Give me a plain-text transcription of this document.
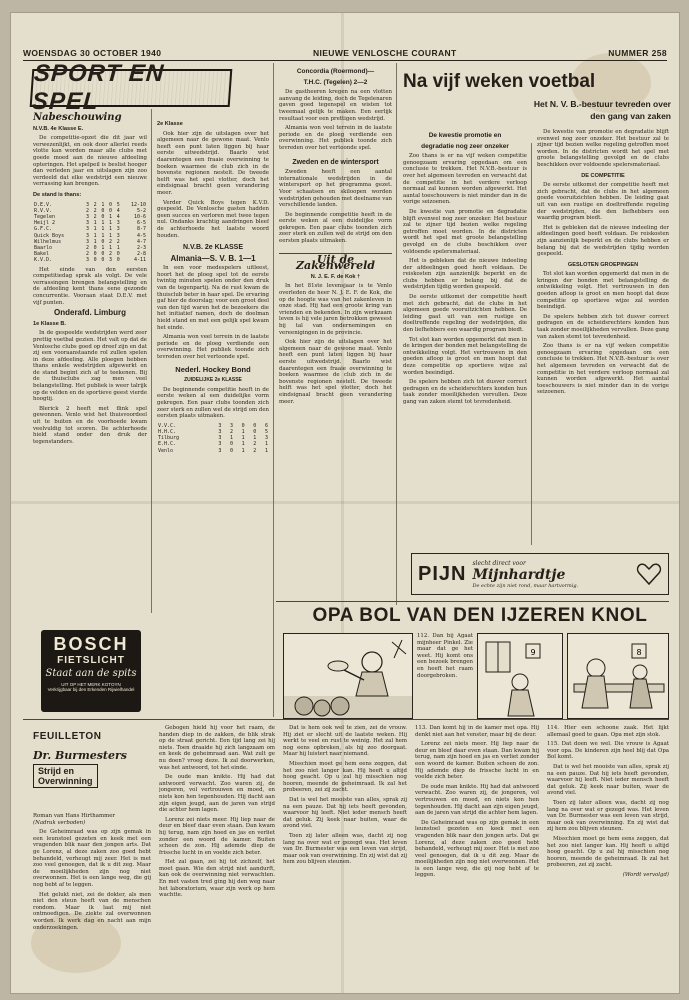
WOENSDAG 30 OCTOBER 1940	NIEUWE VENLOSCHE COURANT	NUMMER 258
SPORT EN SPEL
Nabeschouwing
N.V.B. 4e Klasse E.

De competitie-opzet die dit jaar wil verwezenlijkt, en ook door allerlei reeds vlotte kan worden maar alle clubs met goede moed aan de nieuwe afdeeling opteringen. Het spelpeil is beslist hooger dan verleden jaar en uitslagen zijn zoo verdeeld dat elke wedstrijd een nieuwe verrassing kan brengen.

De stand is thans:
D.E.V.	3	2	1	0	5	12-10
R.V.V.	2	2	0	0	4	5-2
Tegelen	3	2	0	1	4	10-6
Heijl 2	3	1	1	1	3	6-5
G.F.C.	3	1	1	1	3	8-7
Quick Boys	3	1	1	1	3	4-5
Wilhelmus	3	1	0	2	2	4-7
Baarlo	2	0	1	1	1	2-3
Bakel	2	0	0	2	0	2-8
K.V.D.	3	0	0	3	0	4-11

Het einde van den eersten competitiedag sprak als volgt. De vele verrassingen brengen belangstelling en de afdeeling kent thans eene gezonde concurrentie. Vooraan staat D.E.V. met vijf punten.

Onderafd. Limburg
1e Klasse B.

In de gespeelde wedstrijden werd zeer prettig voetbal gezien. Het valt op dat de Venlosche clubs goed op dreef zijn en dat zij een vooraanstaande rol zullen spelen in deze afdeeling. Alle ploegen hebben thans enkele wedstrijden afgewerkt en de stand begint zich af te teekenen. Bij de thuisclubs zag men veel belangstelling. Het publiek is weer talrijk op de velden en de sportieve geest vierde hoogtij.

Blerick 2 heeft met flink spel gewonnen. Venlo wist het thuisvoordeel uit te buiten en de voorhoede kwam veelvuldig tot scoren. De achterhoede hield stand onder den druk der tegenstanders.

BOSCH
FIETSLICHT
Staat aan de spits
UIT OP HET MERK KOTOYN
Verkrijgbaar bij den Erkenden Rijwielhandel
2e Klasse

Ook hier zijn de uitslagen over het algemeen naar de gewone maat. Venlo heeft een punt laten liggen bij haar eerste uitwedstrijd. Baarlo wist daarentegen een fraaie overwinning te boeken waarmee de club zich in de bovenste regionen nestelt. De tweede helft was het spel vlotter, doch het eindsignaal bracht geen verandering meer.

Verder Quick Boys tegen K.V.D. gespeeld. De Venlosche gasten hadden geen succes en verloren met twee tegen nul. Ondanks krachtig aandringen bleef de achterhoede het laatste woord houden.

N.V.B. 2e KLASSE
Almania—S. V. B. 1—1

In een voor medespelers uitleest, hoort het de ploeg spel tot de eerste twintig minuten spelen onder den druk van de tegenpartij. Na de rust kwam de thuisclub beter in haar spel. De ervaring gaf hier de doorslag; voor een groot deel van den tijd waren het de bezoekers die het initiatief namen, doch de doelman hield stand en met een gelijk spel kwam het einde.

Almania won veel terrein in de laatste periode en de ploeg verdiende een overwinning. Het publiek toonde zich tevreden over het vertoonde spel.

Nederl. Hockey Bond
ZUIDELIJKE 2e KLASSE

De beginnende competitie heeft in de eerste weken al een duidelijke vorm gekregen. Een paar clubs toonden zich zeer sterk en zullen wel de strijd om den eersten plaats uitmaken.

V.V.C.	3	3	0	0	6
H.H.C.	3	2	1	0	5
Tilburg	3	1	1	1	3
E.H.C.	3	0	1	2	1
Venlo	3	0	1	2	1
Concordia (Roermond)—
T.H.C. (Tegelen) 2—2

De gastheeren kregen na een vlotten aanvang de leiding, doch de Tegelenaren gaven goed tegenspel en wisten tot tweemaal gelijk te maken. Een eerlijk resultaat voor een prettigen wedstrijd.

Almania won veel terrein in de laatste periode en de ploeg verdiende een overwinning. Het publiek toonde zich tevreden over het vertoonde spel.

Zweden en de wintersport

Zweden heeft een aantal internationale wedstrijden in de wintersport op het programma gezet. Voor schaatsen en skiloopen worden wedstrijden gehouden met deelname van verschillende landen.

De beginnende competitie heeft in de eerste weken al een duidelijke vorm gekregen. Een paar clubs toonden zich zeer sterk en zullen wel de strijd om den eersten plaats uitmaken.

Uit de Zakenwereld
N. J. E. F. de Kok †

In het 81ste levensjaar is te Venlo overleden de heer N. J. E. F. de Kok, die op de hoogte was van het zakenleven in onze stad. Hij had een groote kring van vrienden en bekenden. In zijn werkzaam leven is hij vele jaren betrokken geweest bij tal van ondernemingen en vereenigingen in de provincie.

Ook hier zijn de uitslagen over het algemeen naar de gewone maat. Venlo heeft een punt laten liggen bij haar eerste uitwedstrijd. Baarlo wist daarentegen een fraaie overwinning te boeken waarmee de club zich in de bovenste regionen nestelt. De tweede helft was het spel vlotter, doch het eindsignaal bracht geen verandering meer.

Na vijf weken voetbal
Het N. V. B.-bestuur tevreden over
den gang van zaken
De kwestie promotie en
degradatie nog zeer onzeker

Zoo thans is er na vijf weken competitie genoegzaam ervaring opgedaan om een conclusie te trekken. Het N.V.B.-bestuur is over het algemeen tevreden en verwacht dat de competitie in het verdere verloop normaal zal kunnen worden afgewerkt. Het aantal toeschouwers is niet minder dan in de vorige seizoenen.

De kwestie van promotie en degradatie blijft evenwel nog zeer onzeker. Het bestuur zal te zijner tijd bezien welke regeling getroffen moet worden. In de districten wordt het spel met groote belangstelling gevolgd en de clubs beschikken over voldoende spelersmateriaal.

Het is gebleken dat de nieuwe indeeling der afdeelingen goed heeft voldaan. De reiskosten zijn aanzienlijk beperkt en de clubs hebben er belang bij dat de wedstrijden tijdig worden gespeeld.

De eerste uitkomst der competitie heeft met zich gebracht, dat de clubs in het algemeen goede vooruitzichten hebben. De leiding gaat uit van een rustige en doeltreffende regeling der wedstrijden, die den liefhebbers een waardig program biedt.

Tot slot kan worden opgemerkt dat men in de kringen der bonden met belangstelling de ontwikkeling volgt. Het vertrouwen in den goeden afloop is groot en men hoopt dat deze competitie op sportieve wijze zal worden beeindigd.

De spelers hebben zich tot dusver correct gedragen en de scheidsrechters konden hun taak zonder moeilijkheden vervullen. Deze gang van zaken stemt tot tevredenheid.

De kwestie van promotie en degradatie blijft evenwel nog zeer onzeker. Het bestuur zal te zijner tijd bezien welke regeling getroffen moet worden. In de districten wordt het spel met groote belangstelling gevolgd en de clubs beschikken over voldoende spelersmateriaal.

DE COMPETITIE

De eerste uitkomst der competitie heeft met zich gebracht, dat de clubs in het algemeen goede vooruitzichten hebben. De leiding gaat uit van een rustige en doeltreffende regeling der wedstrijden, die den liefhebbers een waardig program biedt.

Het is gebleken dat de nieuwe indeeling der afdeelingen goed heeft voldaan. De reiskosten zijn aanzienlijk beperkt en de clubs hebben er belang bij dat de wedstrijden tijdig worden gespeeld.

GESLOTEN GROEPINGEN

Tot slot kan worden opgemerkt dat men in de kringen der bonden met belangstelling de ontwikkeling volgt. Het vertrouwen in den goeden afloop is groot en men hoopt dat deze competitie op sportieve wijze zal worden beeindigd.

De spelers hebben zich tot dusver correct gedragen en de scheidsrechters konden hun taak zonder moeilijkheden vervullen. Deze gang van zaken stemt tot tevredenheid.

Zoo thans is er na vijf weken competitie genoegzaam ervaring opgedaan om een conclusie te trekken. Het N.V.B.-bestuur is over het algemeen tevreden en verwacht dat de competitie in het verdere verloop normaal zal kunnen worden afgewerkt. Het aantal toeschouwers is niet minder dan in de vorige seizoenen.

PIJN slecht direct voor
Mijnhardtje
De echte zijn niet rond, maar hartvormig.
OPA BOL VAN DEN IJZEREN KNOL
112. Dan bij Agaat mijnheer Pinkel. Zie maar dat ge het weet. Hij komt ons een bezoek brengen en heeft het raam doorgebroken.
9	8
FEUILLETON
Dr. Burmesters
Strijd en
Overwinning
Roman van Hans Hirthammer
(Nadruk verboden)

De Geheimraad was op zijn gemak in een leunstoel gezeten en keek met een vragenden blik naar den jongen arts. Dat ge Lorenz, al deze zaken zoo goed hebt behandeld, verheugt mij zeer. Het is met zoo veel genoegen, dat ik u dit zeg. Maar de moeilijkheden zijn nog niet overwonnen. Het is een lange weg, die gij nog hebt af te leggen.

Het gelukt niet, zei de dokter, als men niet den steun heeft van de menschen rondom. Maar ik laat mij niet ontmoedigen. De ziekte zal overwonnen worden. Ik werk dag en nacht aan mijn onderzoekingen.

Gebogen hield hij voor het raam, de handen diep in de zakken, de blik strak op de straat gericht. Een tijd lang zei hij niets. Toen draaide hij zich langzaam om en keek de geheimraad aan. Wat zult ge nu doen? vroeg deze. Ik zal doorwerken, was het antwoord, tot het einde.

De oude man knikte. Hij had dat antwoord verwacht. Zoo waren zij, de jongeren, vol vertrouwen en moed, en niets kon hen tegenhouden. Hij dacht aan zijn eigen jeugd, aan de jaren van strijd die achter hem lagen.

Lorenz zei niets meer. Hij liep naar de deur en bleef daar even staan. Dan kwam hij terug, nam zijn hoed en jas en verliet zonder een woord de kamer. Buiten scheen de zon. Hij ademde diep de frissche lucht in en voelde zich beter.

Het zal gaan, zei hij tot zichzelf, het moet gaan. Wie den strijd niet aandurft, kan ook de overwinning niet verwachten. En met vasten tred ging hij den weg naar het laboratorium, waar zijn werk op hem wachtte.

Dat is hem ook wel te zien, zei de vrouw. Hij ziet er slecht uit de laatste weken. Hij werkt te veel en rust te weinig. Het zal hem nog eens opbreken, als hij zoo doorgaat. Maar hij luistert naar niemand.

Misschien moet ge hem eens zeggen, dat het zoo niet langer kan. Hij heeft u altijd hoog geacht. Op u zal hij misschien nog hooren, meende de geheimraad. Ik zal het probeeren, zei zij zacht.

Dat is wel het mooiste van alles, sprak zij na een pauze. Dat hij iets heeft gevonden, waarvoor hij leeft. Niet ieder mensch heeft dat geluk. Zij keek naar buiten, waar de avond viel.

Toen zij later alleen was, dacht zij nog lang na over wat er gezegd was. Het leven van Dr. Burmester was een leven van strijd, maar ook van overwinning. En zij wist dat zij hem zou blijven steunen.

113. Dan komt hij in de kamer met opa. Hij denkt niet aan het venster, maar bij de deur.

Lorenz zei niets meer. Hij liep naar de deur en bleef daar even staan. Dan kwam hij terug, nam zijn hoed en jas en verliet zonder een woord de kamer. Buiten scheen de zon. Hij ademde diep de frissche lucht in en voelde zich beter.

De oude man knikte. Hij had dat antwoord verwacht. Zoo waren zij, de jongeren, vol vertrouwen en moed, en niets kon hen tegenhouden. Hij dacht aan zijn eigen jeugd, aan de jaren van strijd die achter hem lagen.

De Geheimraad was op zijn gemak in een leunstoel gezeten en keek met een vragenden blik naar den jongen arts. Dat ge Lorenz, al deze zaken zoo goed hebt behandeld, verheugt mij zeer. Het is met zoo veel genoegen, dat ik u dit zeg. Maar de moeilijkheden zijn nog niet overwonnen. Het is een lange weg, die gij nog hebt af te leggen.

114. Hier een schoone zaak. Het lijkt allemaal goed te gaan. Opa met zijn stok.
115. Dat doen we wel. Die vrouw is Agaat voor opa. De kinderen zijn heel blij dat Opa Bol komt.

Dat is wel het mooiste van alles, sprak zij na een pauze. Dat hij iets heeft gevonden, waarvoor hij leeft. Niet ieder mensch heeft dat geluk. Zij keek naar buiten, waar de avond viel.

Toen zij later alleen was, dacht zij nog lang na over wat er gezegd was. Het leven van Dr. Burmester was een leven van strijd, maar ook van overwinning. En zij wist dat zij hem zou blijven steunen.

Misschien moet ge hem eens zeggen, dat het zoo niet langer kan. Hij heeft u altijd hoog geacht. Op u zal hij misschien nog hooren, meende de geheimraad. Ik zal het probeeren, zei zij zacht.

(Wordt vervolgd)
